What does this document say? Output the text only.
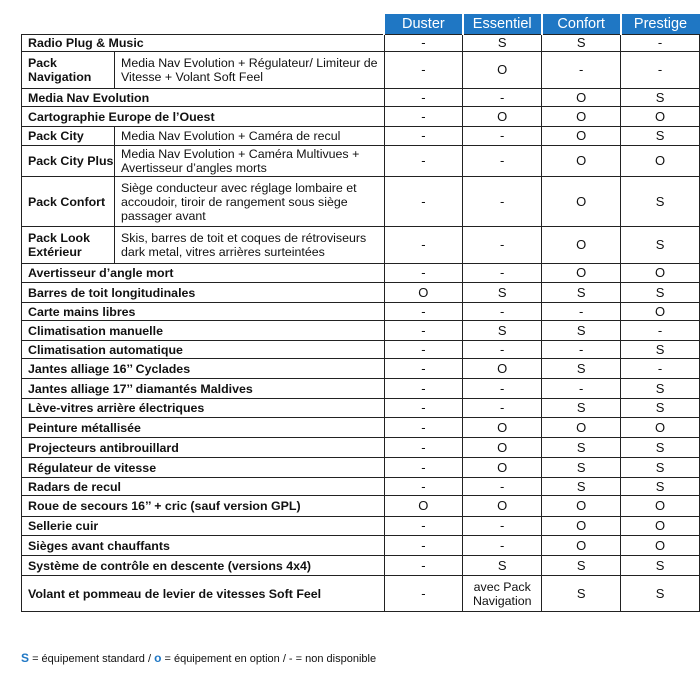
		Duster	Essentiel	Confort	Prestige
Radio Plug & Music		-	S	S	-
Pack Navigation	Media Nav Evolution + Régulateur/ Limiteur de Vitesse + Volant Soft Feel	-	O	-	-
Media Nav Evolution		-	-	O	S
Cartographie Europe de l’Ouest		-	O	O	O
Pack City	Media Nav Evolution + Caméra de recul	-	-	O	S
Pack City Plus	Media Nav Evolution + Caméra Multivues + Avertisseur d’angles morts	-	-	O	O
Pack Confort	Siège conducteur avec réglage lombaire et accoudoir, tiroir de rangement sous siège passager avant	-	-	O	S
Pack Look Extérieur	Skis, barres de toit et coques de rétroviseurs dark metal, vitres arrières surteintées	-	-	O	S
Avertisseur d’angle mort		-	-	O	O
Barres de toit longitudinales		O	S	S	S
Carte mains libres		-	-	-	O
Climatisation manuelle		-	S	S	-
Climatisation automatique		-	-	-	S
Jantes alliage 16’’ Cyclades		-	O	S	-
Jantes alliage 17’’ diamantés Maldives		-	-	-	S
Lève-vitres arrière électriques		-	-	S	S
Peinture métallisée		-	O	O	O
Projecteurs antibrouillard		-	O	S	S
Régulateur de vitesse		-	O	S	S
Radars de recul		-	-	S	S
Roue de secours 16’’ + cric (sauf version GPL)		O	O	O	O
Sellerie cuir		-	-	O	O
Sièges avant chauffants		-	-	O	O
Système de contrôle en descente (versions 4x4)		-	S	S	S
Volant et pommeau de levier de vitesses Soft Feel		-	avec Pack Navigation	S	S
S = équipement standard / o = équipement en option / - = non disponible
